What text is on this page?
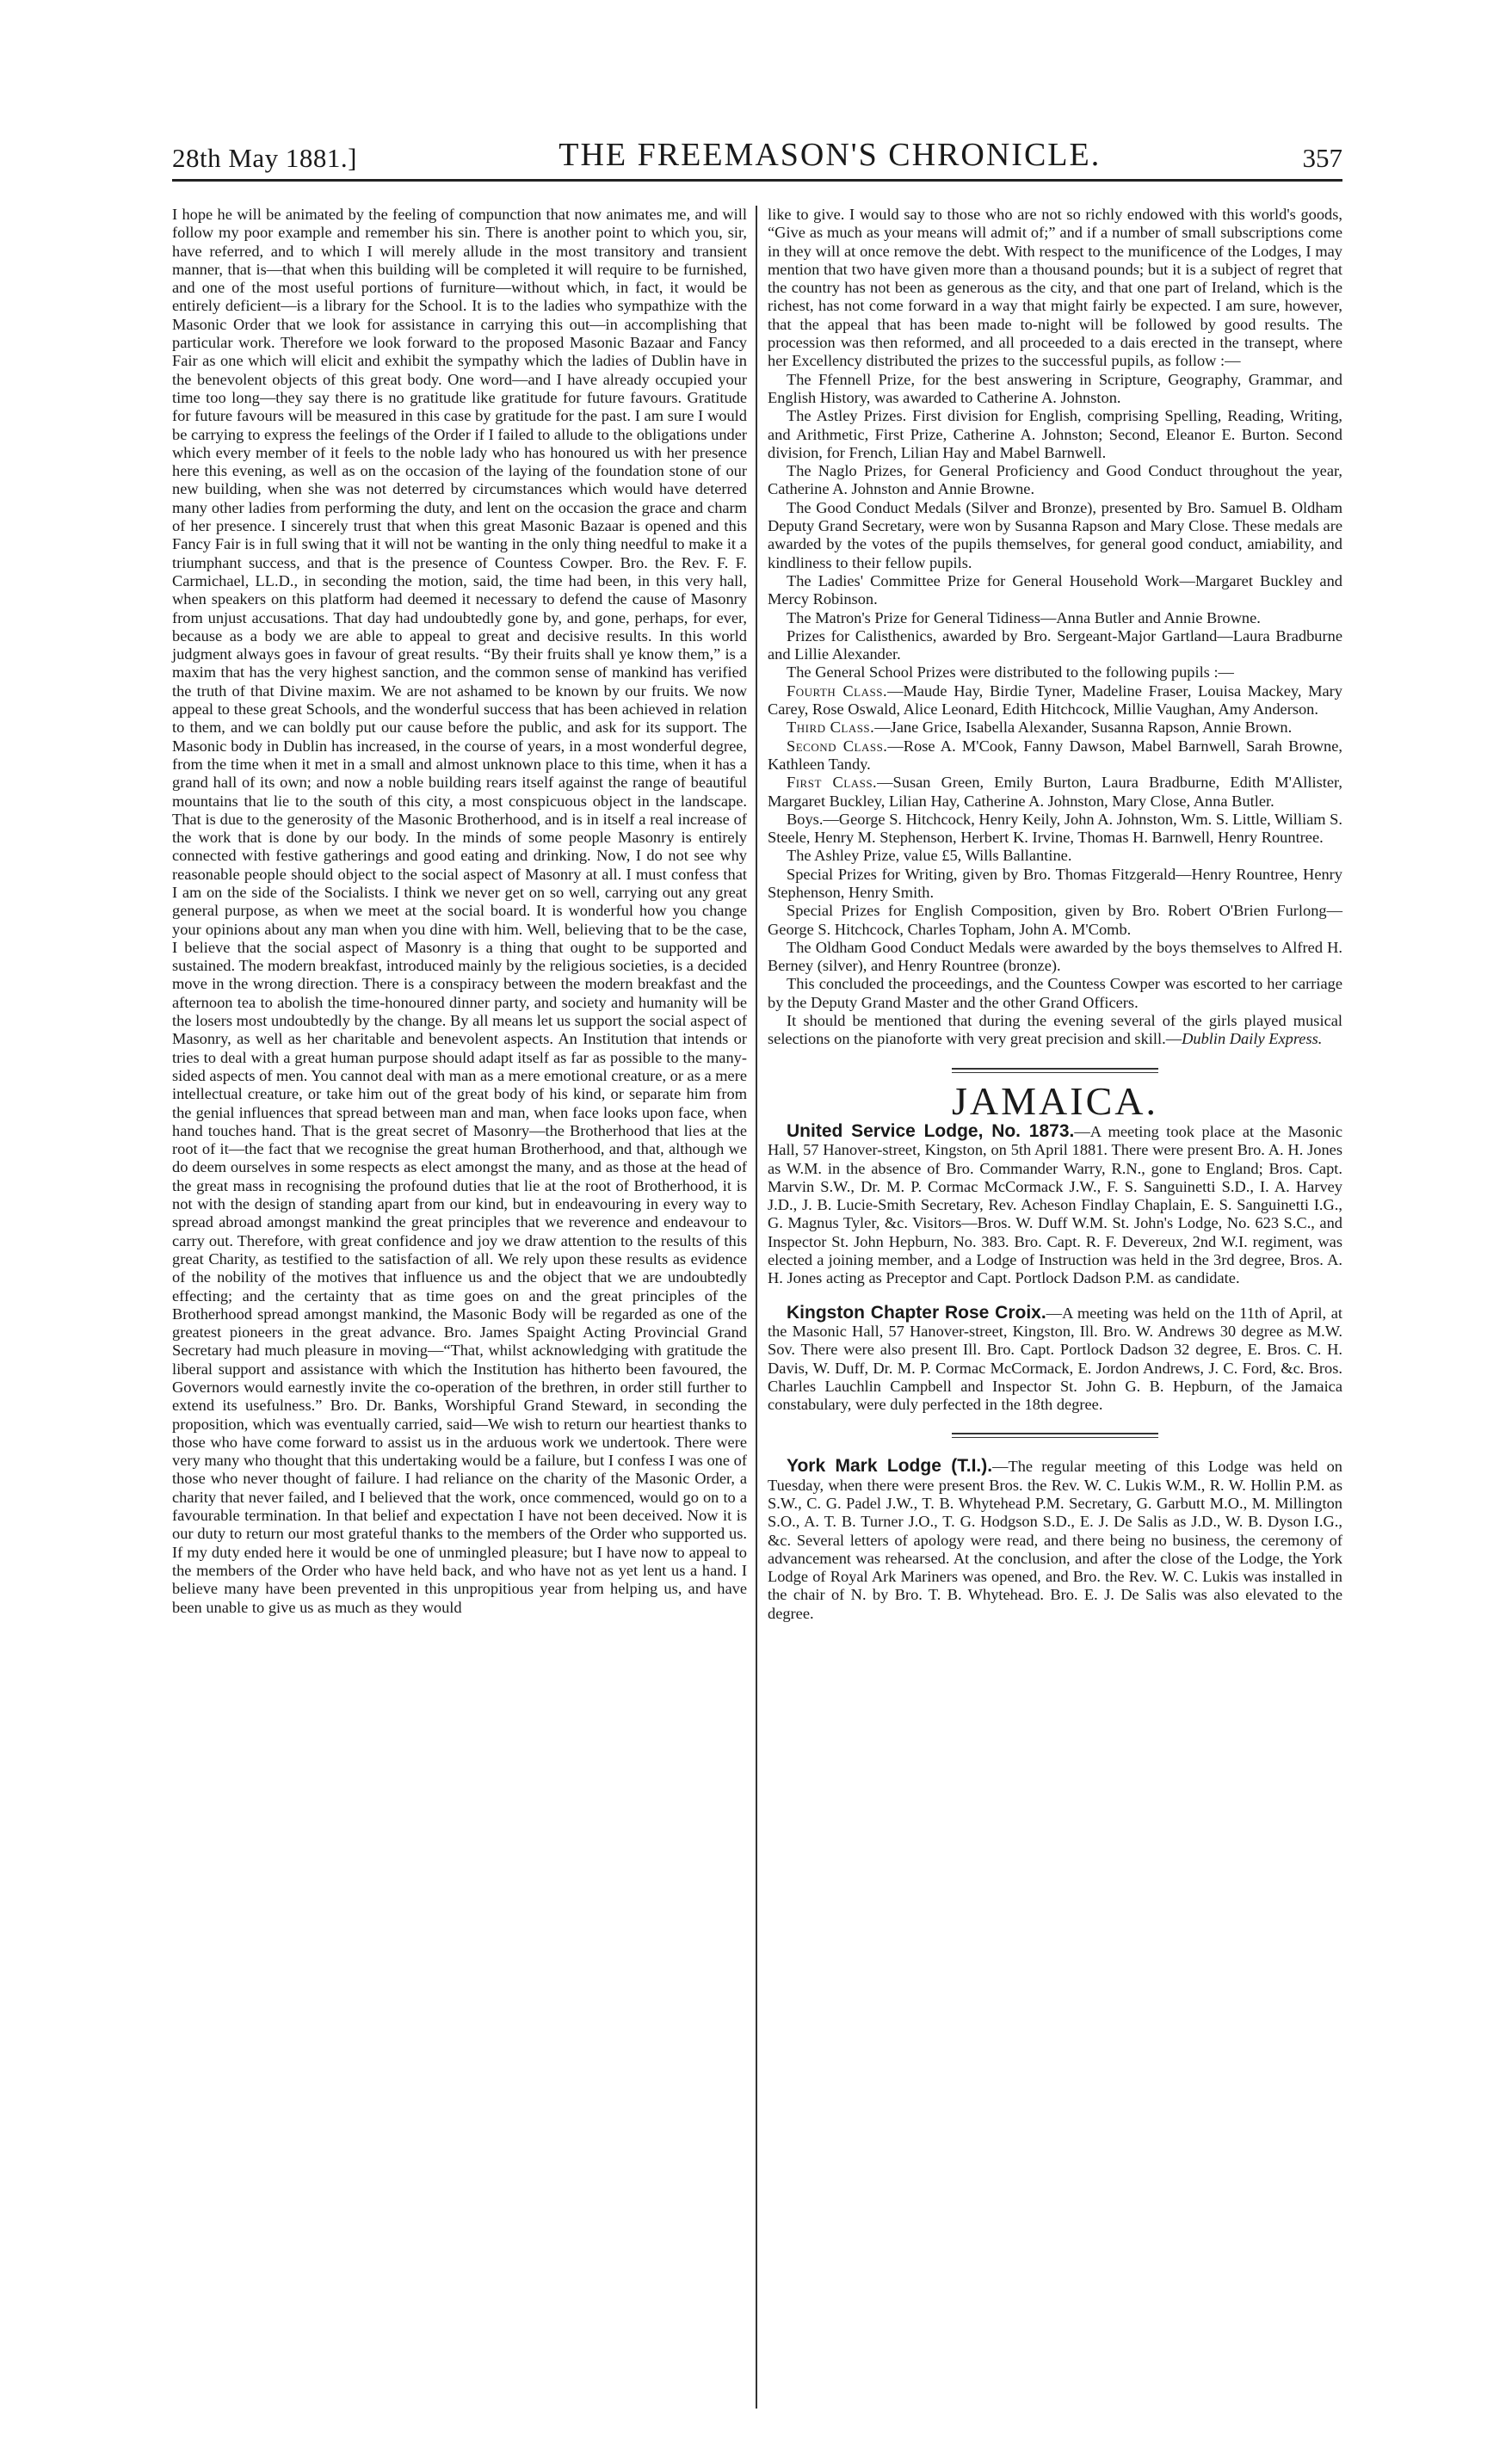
28th May 1881.]	THE FREEMASON'S CHRONICLE.	357

I hope he will be animated by the feeling of compunction that now animates me, and will follow my poor example and remember his sin. There is another point to which you, sir, have referred, and to which I will merely allude in the most transitory and transient manner, that is—that when this building will be completed it will require to be furnished, and one of the most useful portions of furniture—without which, in fact, it would be entirely deficient—is a library for the School. It is to the ladies who sympathize with the Masonic Order that we look for assistance in carrying this out—in accomplishing that particular work. Therefore we look forward to the proposed Masonic Bazaar and Fancy Fair as one which will elicit and exhibit the sympathy which the ladies of Dublin have in the benevolent objects of this great body. One word—and I have already occupied your time too long—they say there is no gratitude like gratitude for future favours. Gratitude for future favours will be measured in this case by gratitude for the past. I am sure I would be carrying to express the feelings of the Order if I failed to allude to the obligations under which every member of it feels to the noble lady who has honoured us with her presence here this evening, as well as on the occasion of the laying of the foundation stone of our new building, when she was not deterred by circumstances which would have deterred many other ladies from performing the duty, and lent on the occasion the grace and charm of her presence. I sincerely trust that when this great Masonic Bazaar is opened and this Fancy Fair is in full swing that it will not be wanting in the only thing needful to make it a triumphant success, and that is the presence of Countess Cowper. Bro. the Rev. F. F. Carmichael, LL.D., in seconding the motion, said, the time had been, in this very hall, when speakers on this platform had deemed it necessary to defend the cause of Masonry from unjust accusations. That day had undoubtedly gone by, and gone, perhaps, for ever, because as a body we are able to appeal to great and decisive results. In this world judgment always goes in favour of great results. “By their fruits shall ye know them,” is a maxim that has the very highest sanction, and the common sense of mankind has verified the truth of that Divine maxim. We are not ashamed to be known by our fruits. We now appeal to these great Schools, and the wonderful success that has been achieved in relation to them, and we can boldly put our cause before the public, and ask for its support. The Masonic body in Dublin has increased, in the course of years, in a most wonderful degree, from the time when it met in a small and almost unknown place to this time, when it has a grand hall of its own; and now a noble building rears itself against the range of beautiful mountains that lie to the south of this city, a most conspicuous object in the landscape. That is due to the generosity of the Masonic Brotherhood, and is in itself a real increase of the work that is done by our body. In the minds of some people Masonry is entirely connected with festive gatherings and good eating and drinking. Now, I do not see why reasonable people should object to the social aspect of Masonry at all. I must confess that I am on the side of the Socialists. I think we never get on so well, carrying out any great general purpose, as when we meet at the social board. It is wonderful how you change your opinions about any man when you dine with him. Well, believing that to be the case, I believe that the social aspect of Masonry is a thing that ought to be supported and sustained. The modern breakfast, introduced mainly by the religious societies, is a decided move in the wrong direction. There is a conspiracy between the modern breakfast and the afternoon tea to abolish the time-honoured dinner party, and society and humanity will be the losers most undoubtedly by the change. By all means let us support the social aspect of Masonry, as well as her charitable and benevolent aspects. An Institution that intends or tries to deal with a great human purpose should adapt itself as far as possible to the many-sided aspects of men. You cannot deal with man as a mere emotional creature, or as a mere intellectual creature, or take him out of the great body of his kind, or separate him from the genial influences that spread between man and man, when face looks upon face, when hand touches hand. That is the great secret of Masonry—the Brotherhood that lies at the root of it—the fact that we recognise the great human Brotherhood, and that, although we do deem ourselves in some respects as elect amongst the many, and as those at the head of the great mass in recognising the profound duties that lie at the root of Brotherhood, it is not with the design of standing apart from our kind, but in endeavouring in every way to spread abroad amongst mankind the great principles that we reverence and endeavour to carry out. Therefore, with great confidence and joy we draw attention to the results of this great Charity, as testified to the satisfaction of all. We rely upon these results as evidence of the nobility of the motives that influence us and the object that we are undoubtedly effecting; and the certainty that as time goes on and the great principles of the Brotherhood spread amongst mankind, the Masonic Body will be regarded as one of the greatest pioneers in the great advance. Bro. James Spaight Acting Provincial Grand Secretary had much pleasure in moving—“That, whilst acknowledging with gratitude the liberal support and assistance with which the Institution has hitherto been favoured, the Governors would earnestly invite the co-operation of the brethren, in order still further to extend its usefulness.” Bro. Dr. Banks, Worshipful Grand Steward, in seconding the proposition, which was eventually carried, said—We wish to return our heartiest thanks to those who have come forward to assist us in the arduous work we undertook. There were very many who thought that this undertaking would be a failure, but I confess I was one of those who never thought of failure. I had reliance on the charity of the Masonic Order, a charity that never failed, and I believed that the work, once commenced, would go on to a favourable termination. In that belief and expectation I have not been deceived. Now it is our duty to return our most grateful thanks to the members of the Order who supported us. If my duty ended here it would be one of unmingled pleasure; but I have now to appeal to the members of the Order who have held back, and who have not as yet lent us a hand. I believe many have been prevented in this unpropitious year from helping us, and have been unable to give us as much as they would

like to give. I would say to those who are not so richly endowed with this world's goods, “Give as much as your means will admit of;” and if a number of small subscriptions come in they will at once remove the debt. With respect to the munificence of the Lodges, I may mention that two have given more than a thousand pounds; but it is a subject of regret that the country has not been as generous as the city, and that one part of Ireland, which is the richest, has not come forward in a way that might fairly be expected. I am sure, however, that the appeal that has been made to-night will be followed by good results. The procession was then reformed, and all proceeded to a dais erected in the transept, where her Excellency distributed the prizes to the successful pupils, as follow :—

The Ffennell Prize, for the best answering in Scripture, Geography, Grammar, and English History, was awarded to Catherine A. Johnston.

The Astley Prizes. First division for English, comprising Spelling, Reading, Writing, and Arithmetic, First Prize, Catherine A. Johnston; Second, Eleanor E. Burton. Second division, for French, Lilian Hay and Mabel Barnwell.

The Naglo Prizes, for General Proficiency and Good Conduct throughout the year, Catherine A. Johnston and Annie Browne.

The Good Conduct Medals (Silver and Bronze), presented by Bro. Samuel B. Oldham Deputy Grand Secretary, were won by Susanna Rapson and Mary Close. These medals are awarded by the votes of the pupils themselves, for general good conduct, amiability, and kindliness to their fellow pupils.

The Ladies' Committee Prize for General Household Work—Margaret Buckley and Mercy Robinson.

The Matron's Prize for General Tidiness—Anna Butler and Annie Browne.

Prizes for Calisthenics, awarded by Bro. Sergeant-Major Gartland—Laura Bradburne and Lillie Alexander.

The General School Prizes were distributed to the following pupils :—

Fourth Class.—Maude Hay, Birdie Tyner, Madeline Fraser, Louisa Mackey, Mary Carey, Rose Oswald, Alice Leonard, Edith Hitchcock, Millie Vaughan, Amy Anderson.

Third Class.—Jane Grice, Isabella Alexander, Susanna Rapson, Annie Brown.

Second Class.—Rose A. M'Cook, Fanny Dawson, Mabel Barnwell, Sarah Browne, Kathleen Tandy.

First Class.—Susan Green, Emily Burton, Laura Bradburne, Edith M'Allister, Margaret Buckley, Lilian Hay, Catherine A. Johnston, Mary Close, Anna Butler.

Boys.—George S. Hitchcock, Henry Keily, John A. Johnston, Wm. S. Little, William S. Steele, Henry M. Stephenson, Herbert K. Irvine, Thomas H. Barnwell, Henry Rountree.

The Ashley Prize, value £5, Wills Ballantine.

Special Prizes for Writing, given by Bro. Thomas Fitzgerald—Henry Rountree, Henry Stephenson, Henry Smith.

Special Prizes for English Composition, given by Bro. Robert O'Brien Furlong—George S. Hitchcock, Charles Topham, John A. M'Comb.

The Oldham Good Conduct Medals were awarded by the boys themselves to Alfred H. Berney (silver), and Henry Rountree (bronze).

This concluded the proceedings, and the Countess Cowper was escorted to her carriage by the Deputy Grand Master and the other Grand Officers.

It should be mentioned that during the evening several of the girls played musical selections on the pianoforte with very great precision and skill.—Dublin Daily Express.

JAMAICA.

United Service Lodge, No. 1873.—A meeting took place at the Masonic Hall, 57 Hanover-street, Kingston, on 5th April 1881. There were present Bro. A. H. Jones as W.M. in the absence of Bro. Commander Warry, R.N., gone to England; Bros. Capt. Marvin S.W., Dr. M. P. Cormac McCormack J.W., F. S. Sanguinetti S.D., I. A. Harvey J.D., J. B. Lucie-Smith Secretary, Rev. Acheson Findlay Chaplain, E. S. Sanguinetti I.G., G. Magnus Tyler, &c. Visitors—Bros. W. Duff W.M. St. John's Lodge, No. 623 S.C., and Inspector St. John Hepburn, No. 383. Bro. Capt. R. F. Devereux, 2nd W.I. regiment, was elected a joining member, and a Lodge of Instruction was held in the 3rd degree, Bros. A. H. Jones acting as Preceptor and Capt. Portlock Dadson P.M. as candidate.

Kingston Chapter Rose Croix.—A meeting was held on the 11th of April, at the Masonic Hall, 57 Hanover-street, Kingston, Ill. Bro. W. Andrews 30 degree as M.W. Sov. There were also present Ill. Bro. Capt. Portlock Dadson 32 degree, E. Bros. C. H. Davis, W. Duff, Dr. M. P. Cormac McCormack, E. Jordon Andrews, J. C. Ford, &c. Bros. Charles Lauchlin Campbell and Inspector St. John G. B. Hepburn, of the Jamaica constabulary, were duly perfected in the 18th degree.

York Mark Lodge (T.I.).—The regular meeting of this Lodge was held on Tuesday, when there were present Bros. the Rev. W. C. Lukis W.M., R. W. Hollin P.M. as S.W., C. G. Padel J.W., T. B. Whytehead P.M. Secretary, G. Garbutt M.O., M. Millington S.O., A. T. B. Turner J.O., T. G. Hodgson S.D., E. J. De Salis as J.D., W. B. Dyson I.G., &c. Several letters of apology were read, and there being no business, the ceremony of advancement was rehearsed. At the conclusion, and after the close of the Lodge, the York Lodge of Royal Ark Mariners was opened, and Bro. the Rev. W. C. Lukis was installed in the chair of N. by Bro. T. B. Whytehead. Bro. E. J. De Salis was also elevated to the degree.
